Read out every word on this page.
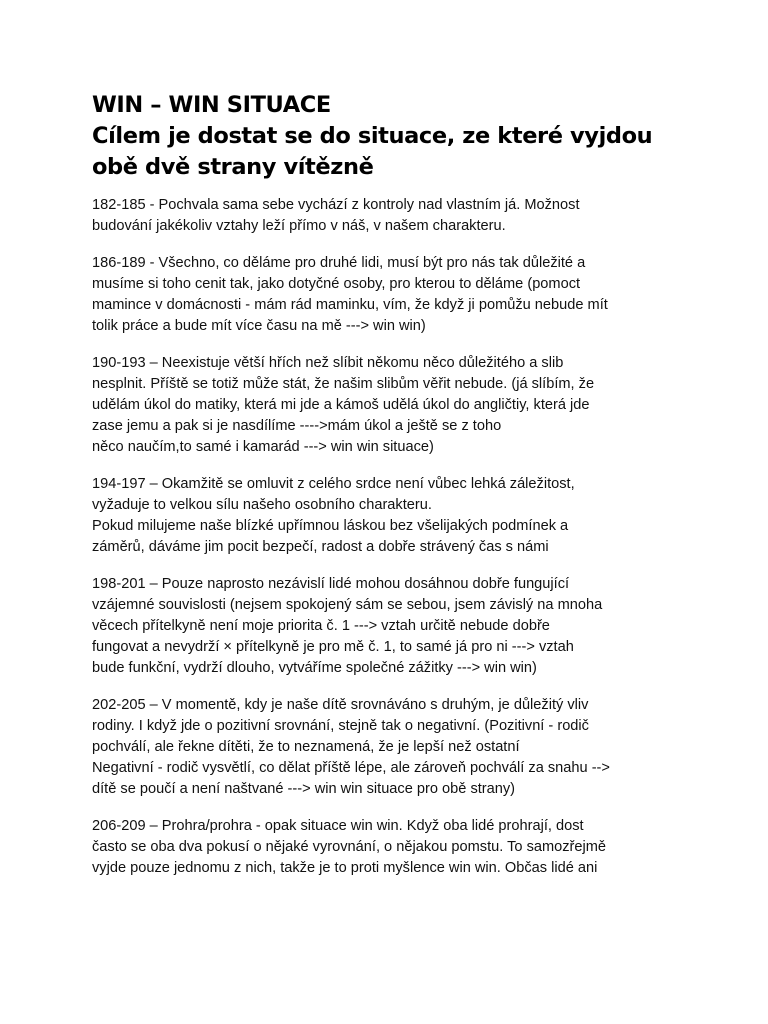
WIN – WIN SITUACE
Cílem je dostat se do situace, ze které vyjdou
obě dvě strany vítězně

182-185 - Pochvala sama sebe vychází z kontroly nad vlastním já. Možnost
budování jakékoliv vztahy leží přímo v náš, v našem charakteru.

186-189 - Všechno, co děláme pro druhé lidi, musí být pro nás tak důležité a
musíme si toho cenit tak, jako dotyčné osoby, pro kterou to děláme (pomoct
mamince v domácnosti - mám rád maminku, vím, že když ji pomůžu nebude mít
tolik práce a bude mít více času na mě ---> win win)

190-193 – Neexistuje větší hřích než slíbit někomu něco důležitého a slib
nesplnit. Příště se totiž může stát, že našim slibům věřit nebude. (já slíbím, že
udělám úkol do matiky, která mi jde a kámoš udělá úkol do angličtiy, která jde
zase jemu a pak si je nasdílíme ---->mám úkol a ještě se z toho
něco naučím,to samé i kamarád ---> win win situace)

194-197 – Okamžitě se omluvit z celého srdce není vůbec lehká záležitost,
vyžaduje to velkou sílu našeho osobního charakteru.
Pokud milujeme naše blízké upřímnou láskou bez všelijakých podmínek a
záměrů, dáváme jim pocit bezpečí, radost a dobře strávený čas s námi

198-201 – Pouze naprosto nezávislí lidé mohou dosáhnou dobře fungující
vzájemné souvislosti (nejsem spokojený sám se sebou, jsem závislý na mnoha
věcech přítelkyně není moje priorita č. 1 ---> vztah určitě nebude dobře
fungovat a nevydrží × přítelkyně je pro mě č. 1, to samé já pro ni ---> vztah
bude funkční, vydrží dlouho, vytváříme společné zážitky ---> win win)

202-205 – V momentě, kdy je naše dítě srovnáváno s druhým, je důležitý vliv
rodiny. I když jde o pozitivní srovnání, stejně tak o negativní. (Pozitivní - rodič
pochválí, ale řekne dítěti, že to neznamená, že je lepší než ostatní
Negativní - rodič vysvětlí, co dělat příště lépe, ale zároveň pochválí za snahu -->
dítě se poučí a není naštvané ---> win win situace pro obě strany)

206-209 – Prohra/prohra - opak situace win win. Když oba lidé prohrají, dost
často se oba dva pokusí o nějaké vyrovnání, o nějakou pomstu. To samozřejmě
vyjde pouze jednomu z nich, takže je to proti myšlence win win. Občas lidé ani
